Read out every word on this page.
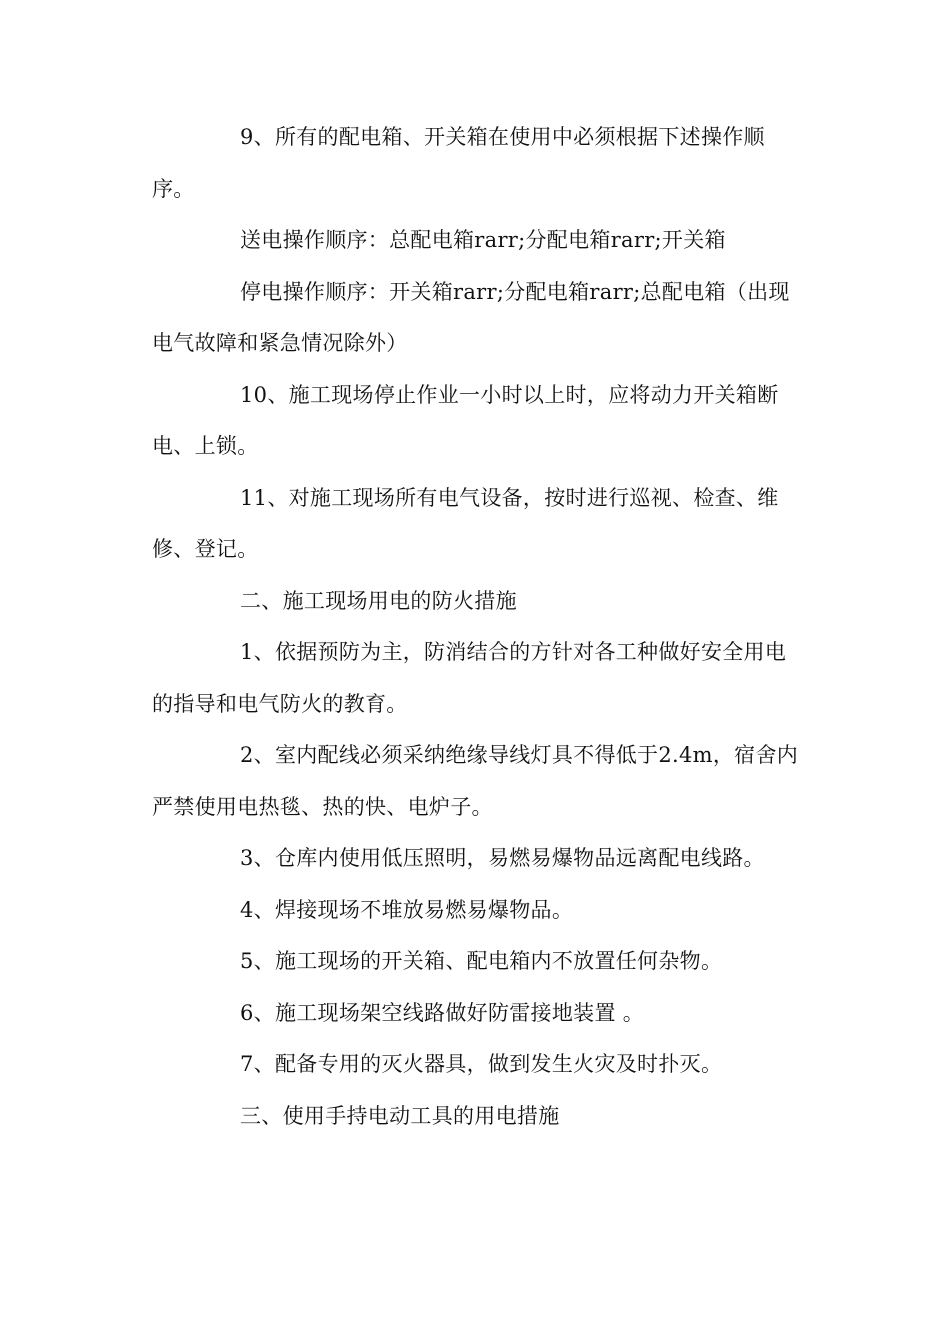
9、所有的配电箱、开关箱在使用中必须根据下述操作顺序。

送电操作顺序：总配电箱rarr;分配电箱rarr;开关箱

停电操作顺序：开关箱rarr;分配电箱rarr;总配电箱（出现电气故障和紧急情况除外）

10、施工现场停止作业一小时以上时，应将动力开关箱断电、上锁。

11、对施工现场所有电气设备，按时进行巡视、检查、维修、登记。

二、施工现场用电的防火措施

1、依据预防为主，防消结合的方针对各工种做好安全用电的指导和电气防火的教育。

2、室内配线必须采纳绝缘导线灯具不得低于2.4m，宿舍内严禁使用电热毯、热的快、电炉子。

3、仓库内使用低压照明，易燃易爆物品远离配电线路。

4、焊接现场不堆放易燃易爆物品。

5、施工现场的开关箱、配电箱内不放置任何杂物。

6、施工现场架空线路做好防雷接地装置 。

7、配备专用的灭火器具，做到发生火灾及时扑灭。

三、使用手持电动工具的用电措施
